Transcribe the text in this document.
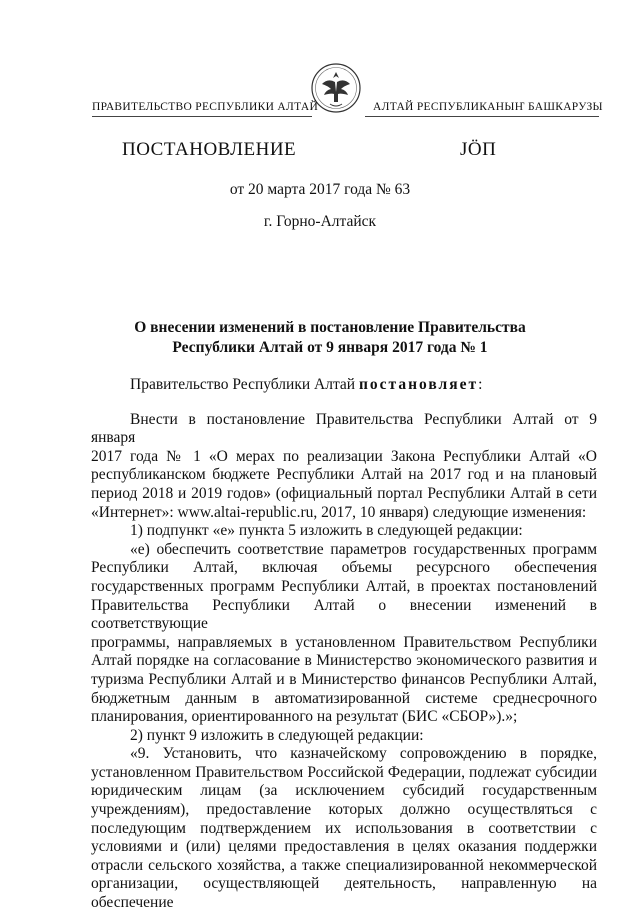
ПРАВИТЕЛЬСТВО РЕСПУБЛИКИ АЛТАЙ	АЛТАЙ РЕСПУБЛИКАНЫҤ БАШКАРУЗЫ
ПОСТАНОВЛЕНИЕ	ЈӦП
от 20 марта 2017 года № 63
г. Горно-Алтайск
О внесении изменений в постановление Правительства
Республики Алтай от 9 января 2017 года № 1

Правительство Республики Алтай постановляет:

Внести в постановление Правительства Республики Алтай от 9 января

2017 года № 1 «О мерах по реализации Закона Республики Алтай «О

республиканском бюджете Республики Алтай на 2017 год и на плановый

период 2018 и 2019 годов» (официальный портал Республики Алтай в сети

«Интернет»: www.altai-republic.ru, 2017, 10 января) следующие изменения:

1) подпункт «е» пункта 5 изложить в следующей редакции:

«е) обеспечить соответствие параметров государственных программ

Республики Алтай, включая объемы ресурсного обеспечения

государственных программ Республики Алтай, в проектах постановлений

Правительства Республики Алтай о внесении изменений в соответствующие

программы, направляемых в установленном Правительством Республики

Алтай порядке на согласование в Министерство экономического развития и

туризма Республики Алтай и в Министерство финансов Республики Алтай,

бюджетным данным в автоматизированной системе среднесрочного

планирования, ориентированного на результат (БИС «СБОР»).»;

2) пункт 9 изложить в следующей редакции:

«9. Установить, что казначейскому сопровождению в порядке,

установленном Правительством Российской Федерации, подлежат субсидии

юридическим лицам (за исключением субсидий государственным

учреждениям), предоставление которых должно осуществляться с

последующим подтверждением их использования в соответствии с

условиями и (или) целями предоставления в целях оказания поддержки

отрасли сельского хозяйства, а также специализированной некоммерческой

организации, осуществляющей деятельность, направленную на обеспечение
